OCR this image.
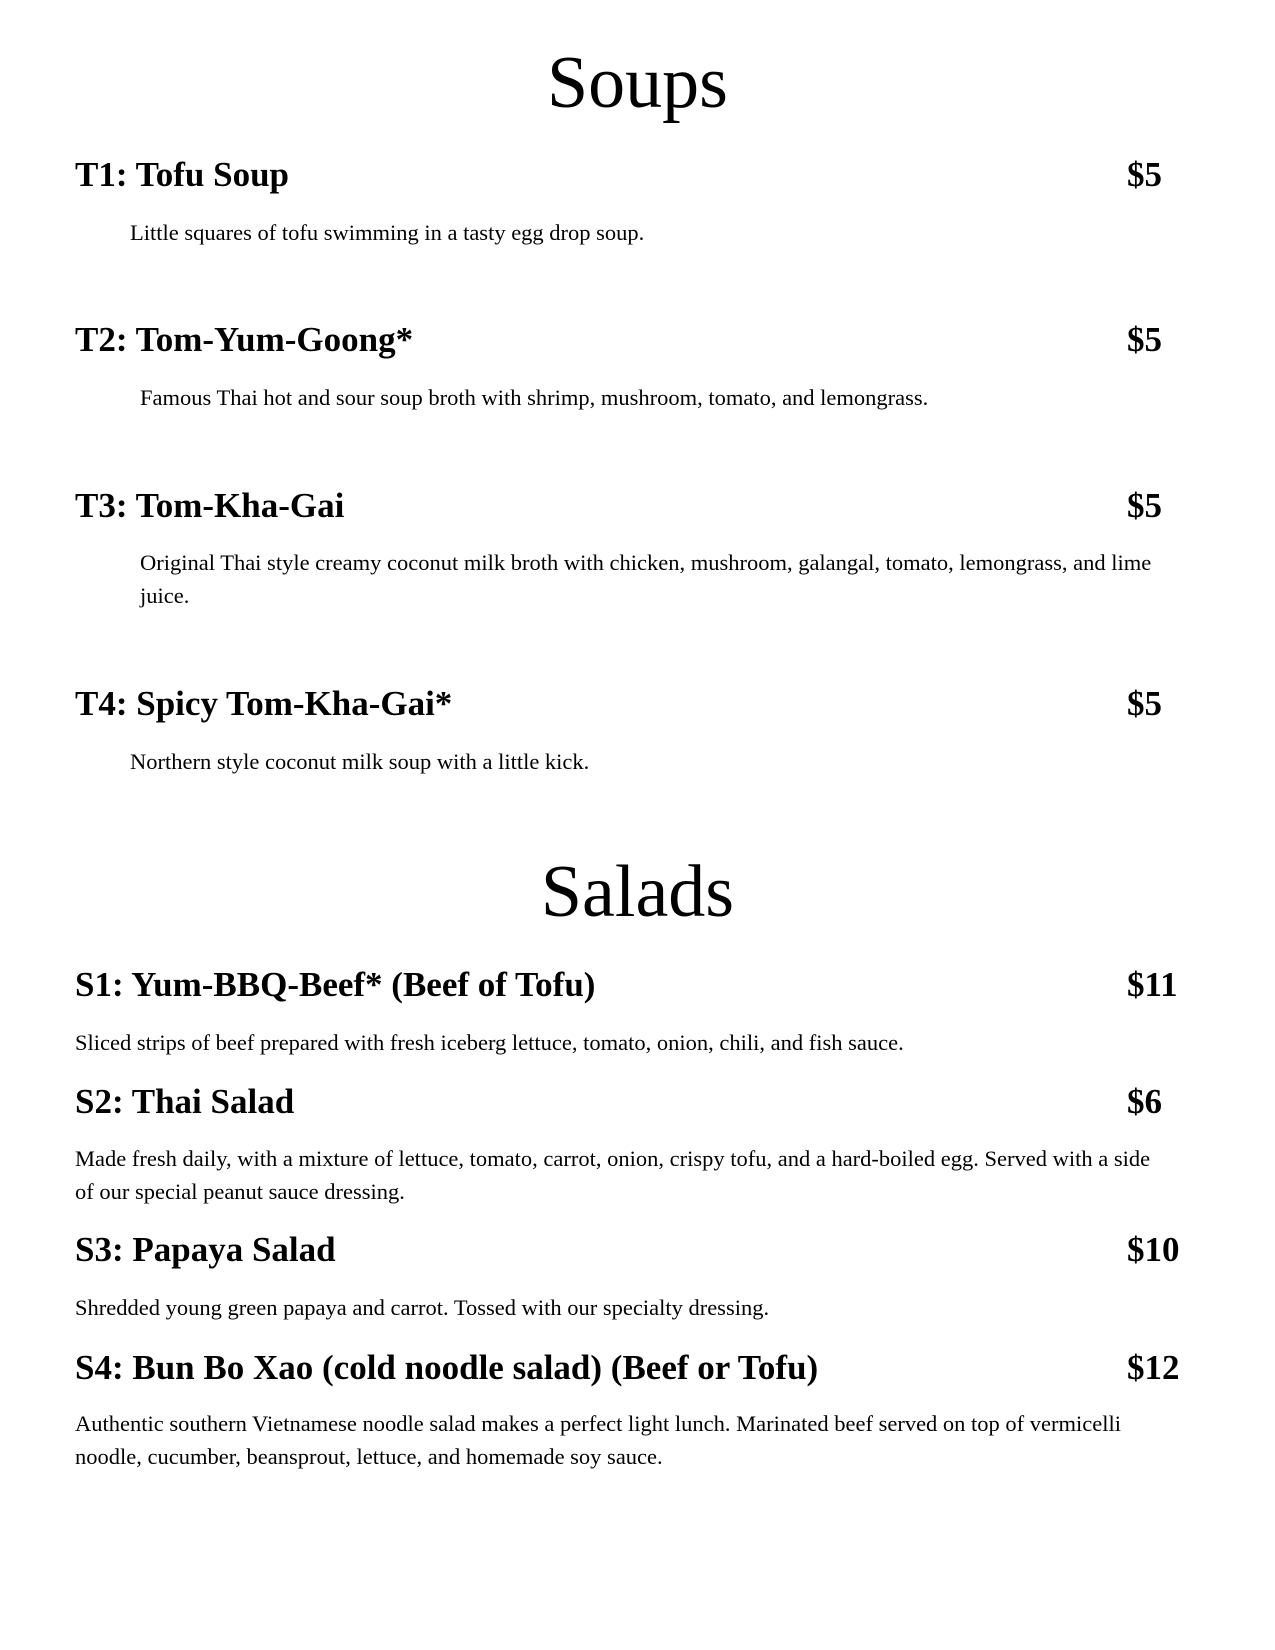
Soups
T1: Tofu Soup	$5

Little squares of tofu swimming in a tasty egg drop soup.

T2: Tom-Yum-Goong*	$5

Famous Thai hot and sour soup broth with shrimp, mushroom, tomato, and lemongrass.

T3: Tom-Kha-Gai	$5

Original Thai style creamy coconut milk broth with chicken, mushroom, galangal, tomato, lemongrass, and lime juice.

T4: Spicy Tom-Kha-Gai*	$5

Northern style coconut milk soup with a little kick.

Salads
S1: Yum-BBQ-Beef* (Beef of Tofu)	$11

Sliced strips of beef prepared with fresh iceberg lettuce, tomato, onion, chili, and fish sauce.

S2: Thai Salad	$6

Made fresh daily, with a mixture of lettuce, tomato, carrot, onion, crispy tofu, and a hard-boiled egg. Served with a side of our special peanut sauce dressing.

S3: Papaya Salad	$10

Shredded young green papaya and carrot. Tossed with our specialty dressing.

S4: Bun Bo Xao (cold noodle salad) (Beef or Tofu)	$12

Authentic southern Vietnamese noodle salad makes a perfect light lunch. Marinated beef served on top of vermicelli noodle, cucumber, beansprout, lettuce, and homemade soy sauce.
